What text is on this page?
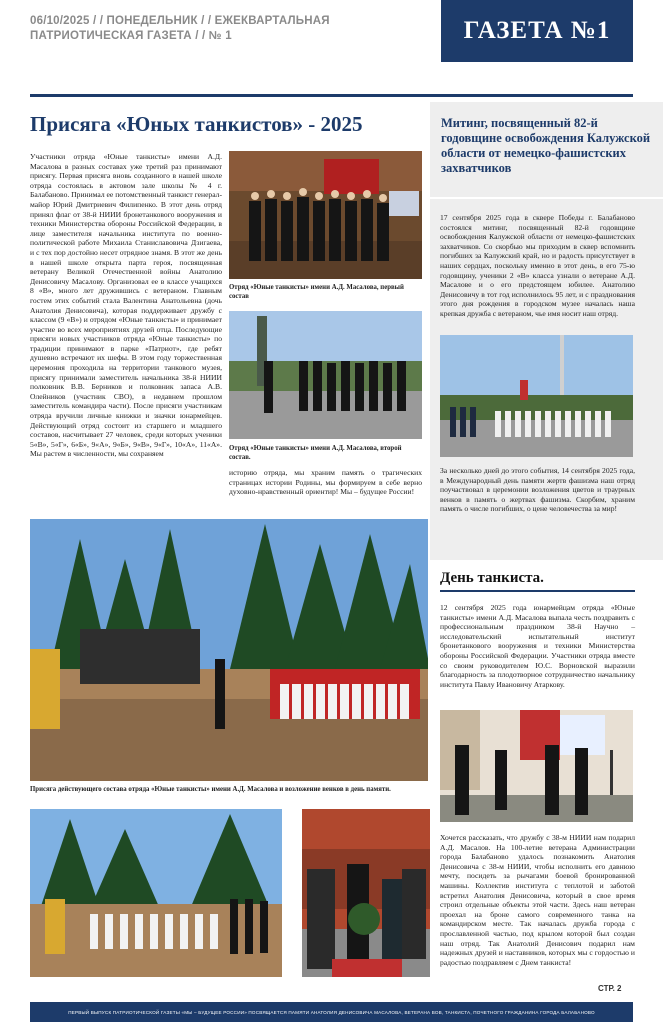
06/10/2025 / / ПОНЕДЕЛЬНИК / / ЕЖЕКВАРТАЛЬНАЯ
ПАТРИОТИЧЕСКАЯ ГАЗЕТА / / № 1	ГАЗЕТА №1
Присяга «Юных танкистов» - 2025
Участники отряда «Юные танкисты» имени А.Д. Масалова в разных составах уже третий раз принимают присягу. Первая присяга вновь созданного в нашей школе отряда состоялась в актовом зале школы № 4 г. Балабаново. Принимал ее потомственный танкист генерал-майор Юрий Дмитриевич Филипенко. В этот день отряд принял флаг от 38-й НИИИ бронетанкового вооружения и техники Министерства обороны Российской Федерации, в лице заместителя начальника института по военно-политической работе Михаила Станиславовича Дзигаева, и с тех пор достойно несет отрядное знамя. В этот же день в нашей школе открыта парта героя, посвященная ветерану Великой Отечественной войны Анатолию Денисовичу Масалову. Организовал ее в классе учащихся 8 «В», много лет дружившись с ветераном. Главным гостем этих событий стала Валентина Анатольевна (дочь Анатолия Денисовича), которая поддерживает дружбу с классом (9 «В») и отрядом «Юные танкисты» и принимает участие во всех мероприятиях друзей отца. Последующие присяги новых участников отряда «Юные танкисты» по традиции принимают в парке «Патриот», где ребят душевно встречают их шефы. В этом году торжественная церемония проходила на территории танкового музея, присягу принимали заместитель начальника 38-й НИИИ полковник В.В. Берников и полковник запаса А.В. Олейников (участник СВО), в недавнем прошлом заместитель командира части). После присяги участникам отряда вручили личные книжки и значки юнармейцев. Действующий отряд состоит из старшего и младшего составов, насчитывает 27 человек, среди которых ученики 5«В», 5«Г», 6«Б», 9«А», 9«Б», 9«В», 9«Г», 10«А», 11«А». Мы растем в численности, мы сохраняем
Отряд «Юные танкисты» имени А.Д. Масалова, первый состав
Отряд «Юные танкисты» имени А.Д. Масалова, второй состав.
историю отряда, мы храним память о трагических страницах истории Родины, мы формируем в себе верно духовно-нравственный ориентир! Мы – будущее России!
Присяга действующего состава отряда «Юные танкисты» имени А.Д. Масалова и возложение венков в день памяти.
Митинг, посвященный 82-й годовщине освобождения Калужской области от немецко-фашистских захватчиков
17 сентября 2025 года в сквере Победы г. Балабаново состоялся митинг, посвященный 82-й годовщине освобождения Калужской области от немецко-фашистских захватчиков. Со скорбью мы приходим в сквер вспомнить погибших за Калужский край, но и радость присутствует в наших сердцах, поскольку именно в этот день, в его 75-ю годовщину, ученики 2 «В» класса узнали о ветеране А.Д. Масалове и о его предстоящем юбилее. Анатолию Денисовичу в тот год исполнилось 95 лет, и с празднования этого дня рождения в городском музее началась наша крепкая дружба с ветераном, чье имя носит наш отряд.
За несколько дней до этого события, 14 сентября 2025 года, в Международный день памяти жертв фашизма наш отряд поучаствовал в церемонии возложения цветов и траурных венков в память о жертвах фашизма. Скорбим, храним память о числе погибших, о цене человечества за мир!
День танкиста.
12 сентября 2025 года юнармейцам отряда «Юные танкисты» имени А.Д. Масалова выпала честь поздравить с профессиональным праздником 38-й Научно – исследовательский испытательный институт бронетанкового вооружения и техники Министерства обороны Российской Федерации. Участники отряда вместе со своим руководителем Ю.С. Ворновской выразили благодарность за плодотворное сотрудничество начальнику института Павлу Ивановичу Атаркову.
Хочется рассказать, что дружбу с 38-м НИИИ нам подарил А.Д. Масалов. На 100-летие ветерана Администрации города Балабаново удалось познакомить Анатолия Денисовича с 38-м НИИИ, чтобы исполнить его давнюю мечту, посидеть за рычагами боевой бронированной машины. Коллектив института с теплотой и заботой встретил Анатолия Денисовича, который в свое время строил отдельные объекты этой части. Здесь наш ветеран проехал на броне самого современного танка на командирском месте. Так началась дружба города с прославленной частью, под крылом которой был создан наш отряд. Так Анатолий Денисович подарил нам надежных друзей и наставников, которых мы с гордостью и радостью поздравляем с Днем танкиста!
СТР. 2
ПЕРВЫЙ ВЫПУСК ПАТРИОТИЧЕСКОЙ ГАЗЕТЫ «МЫ – БУДУЩЕЕ РОССИИ» ПОСВЯЩАЕТСЯ ПАМЯТИ АНАТОЛИЯ ДЕНИСОВИЧА МАСАЛОВА, ВЕТЕРАНА ВОВ, ТАНКИСТА, ПОЧЕТНОГО ГРАЖДАНИНА ГОРОДА БАЛАБАНОВО
